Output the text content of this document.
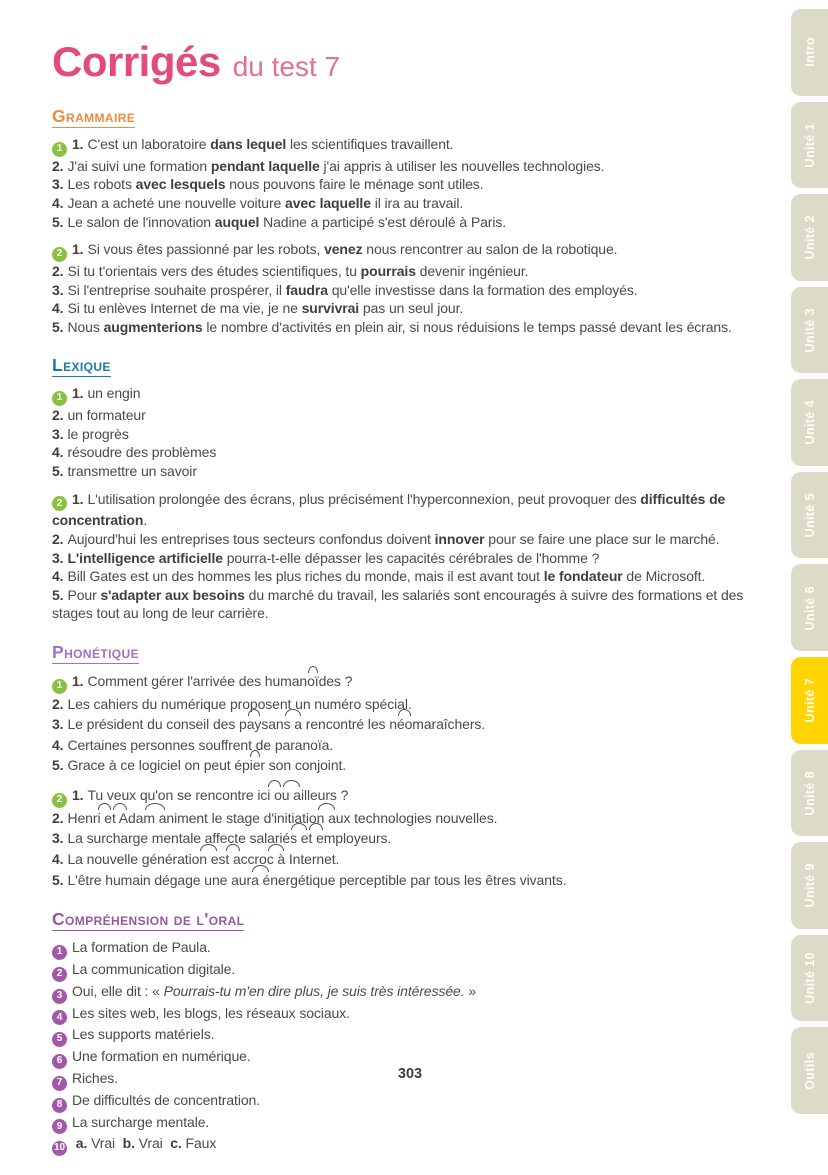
Corrigés du test 7
Grammaire
1 1. C'est un laboratoire dans lequel les scientifiques travaillent.
2. J'ai suivi une formation pendant laquelle j'ai appris à utiliser les nouvelles technologies.
3. Les robots avec lesquels nous pouvons faire le ménage sont utiles.
4. Jean a acheté une nouvelle voiture avec laquelle il ira au travail.
5. Le salon de l'innovation auquel Nadine a participé s'est déroulé à Paris.
2 1. Si vous êtes passionné par les robots, venez nous rencontrer au salon de la robotique.
2. Si tu t'orientais vers des études scientifiques, tu pourrais devenir ingénieur.
3. Si l'entreprise souhaite prospérer, il faudra qu'elle investisse dans la formation des employés.
4. Si tu enlèves Internet de ma vie, je ne survivrai pas un seul jour.
5. Nous augmenterions le nombre d'activités en plein air, si nous réduisions le temps passé devant les écrans.
Lexique
1 1. un engin
2. un formateur
3. le progrès
4. résoudre des problèmes
5. transmettre un savoir
2 1. L'utilisation prolongée des écrans, plus précisément l'hyperconnexion, peut provoquer des difficultés de concentration.
2. Aujourd'hui les entreprises tous secteurs confondus doivent innover pour se faire une place sur le marché.
3. L'intelligence artificielle pourra-t-elle dépasser les capacités cérébrales de l'homme ?
4. Bill Gates est un des hommes les plus riches du monde, mais il est avant tout le fondateur de Microsoft.
5. Pour s'adapter aux besoins du marché du travail, les salariés sont encouragés à suivre des formations et des stages tout au long de leur carrière.
Phonétique
1 1. Comment gérer l'arrivée des humanoïdes ?
2. Les cahiers du numérique proposent un numéro spécial.
3. Le président du conseil des paysans a rencontré les néomaraîchers.
4. Certaines personnes souffrent de paranoïa.
5. Grace à ce logiciel on peut épier son conjoint.
2 1. Tu veux qu'on se rencontre ici ou ailleurs ?
2. Henri et Adam animent le stage d'initiation aux technologies nouvelles.
3. La surcharge mentale affecte salariés et employeurs.
4. La nouvelle génération est accroc à Internet.
5. L'être humain dégage une aura énergétique perceptible par tous les êtres vivants.
Compréhension de l'oral
1 La formation de Paula.
2 La communication digitale.
3 Oui, elle dit : « Pourrais-tu m'en dire plus, je suis très intéressée. »
4 Les sites web, les blogs, les réseaux sociaux.
5 Les supports matériels.
6 Une formation en numérique.
7 Riches.
8 De difficultés de concentration.
9 La surcharge mentale.
10 a. Vrai  b. Vrai  c. Faux
303
Intro
Unité 1
Unité 2
Unité 3
Unité 4
Unité 5
Unité 6
Unité 7
Unité 8
Unité 9
Unité 10
Outils
